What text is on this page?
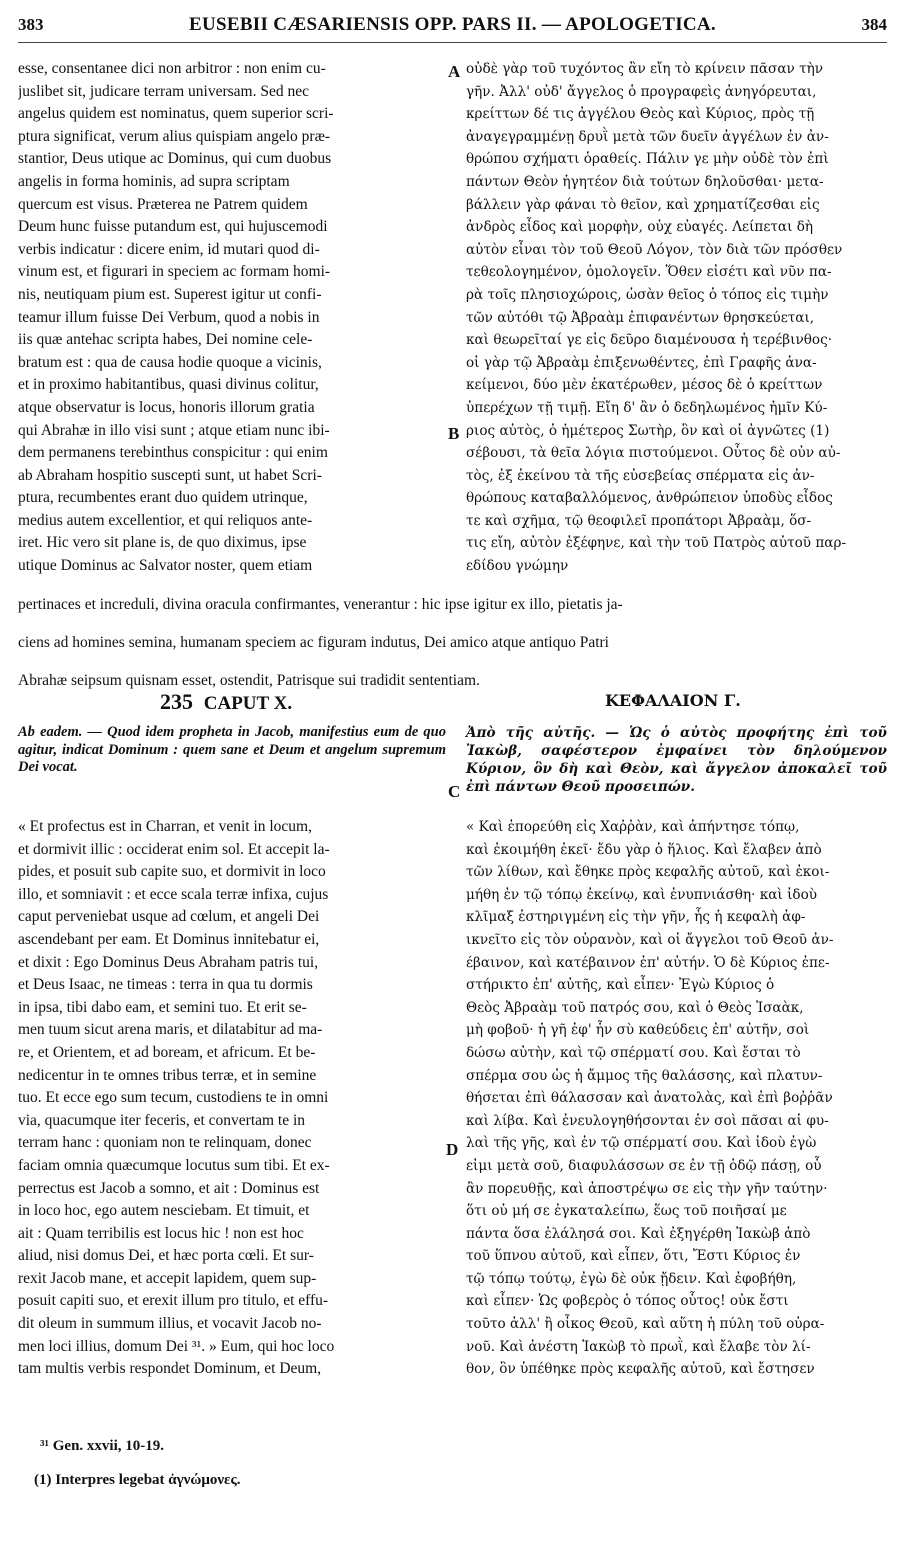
383	EUSEBII CÆSARIENSIS OPP. PARS II. — APOLOGETICA.	384

esse, consentanee dici non arbitror : non enim cu-

juslibet sit, judicare terram universam. Sed nec

angelus quidem est nominatus, quem superior scri-

ptura significat, verum alius quispiam angelo præ-

stantior, Deus utique ac Dominus, qui cum duobus

angelis in forma hominis, ad supra scriptam

quercum est visus. Præterea ne Patrem quidem

Deum hunc fuisse putandum est, qui hujuscemodi

verbis indicatur : dicere enim, id mutari quod di-

vinum est, et figurari in speciem ac formam homi-

nis, neutiquam pium est. Superest igitur ut confi-

teamur illum fuisse Dei Verbum, quod a nobis in

iis quæ antehac scripta habes, Dei nomine cele-

bratum est : qua de causa hodie quoque a vicinis,

et in proximo habitantibus, quasi divinus colitur,

atque observatur is locus, honoris illorum gratia

qui Abrahæ in illo visi sunt ; atque etiam nunc ibi-

dem permanens terebinthus conspicitur : qui enim

ab Abraham hospitio suscepti sunt, ut habet Scri-

ptura, recumbentes erant duo quidem utrinque,

medius autem excellentior, et qui reliquos ante-

iret. Hic vero sit plane is, de quo diximus, ipse

utique Dominus ac Salvator noster, quem etiam

οὐδὲ γὰρ τοῦ τυχόντος ἂν εἴη τὸ κρίνειν πᾶσαν τὴν

γῆν. Ἀλλ' οὐδ' ἄγγελος ὁ προγραφεὶς ἀνηγόρευται,

κρείττων δέ τις ἀγγέλου Θεὸς καὶ Κύριος, πρὸς τῇ

ἀναγεγραμμένῃ δρυῒ μετὰ τῶν δυεῖν ἀγγέλων ἐν ἀν-

θρώπου σχήματι ὁραθείς. Πάλιν γε μὴν οὐδὲ τὸν ἐπὶ

πάντων Θεὸν ἡγητέον διὰ τούτων δηλοῦσθαι· μετα-

βάλλειν γὰρ φάναι τὸ θεῖον, καὶ χρηματίζεσθαι εἰς

ἀνδρὸς εἶδος καὶ μορφὴν, οὐχ εὐαγές. Λείπεται δὴ

αὐτὸν εἶναι τὸν τοῦ Θεοῦ Λόγον, τὸν διὰ τῶν πρόσθεν

τεθεολογημένον, ὁμολογεῖν. Ὅθεν εἰσέτι καὶ νῦν πα-

ρὰ τοῖς πλησιοχώροις, ὡσὰν θεῖος ὁ τόπος εἰς τιμὴν

τῶν αὐτόθι τῷ Ἀβραὰμ ἐπιφανέντων θρησκεύεται,

καὶ θεωρεῖταί γε εἰς δεῦρο διαμένουσα ἡ τερέβινθος·

οἱ γὰρ τῷ Ἀβραὰμ ἐπιξενωθέντες, ἐπὶ Γραφῆς ἀνα-

κείμενοι, δύο μὲν ἑκατέρωθεν, μέσος δὲ ὁ κρείττων

ὑπερέχων τῇ τιμῇ. Εἴη δ' ἂν ὁ δεδηλωμένος ἡμῖν Κύ-

ριος αὐτὸς, ὁ ἡμέτερος Σωτὴρ, ὃν καὶ οἱ ἀγνῶτες (1)

σέβουσι, τὰ θεῖα λόγια πιστούμενοι. Οὗτος δὲ οὐν αὐ-

τὸς, ἐξ ἐκείνου τὰ τῆς εὐσεβείας σπέρματα εἰς ἀν-

θρώπους καταβαλλόμενος, ἀνθρώπειον ὑποδὺς εἶδος

τε καὶ σχῆμα, τῷ θεοφιλεῖ προπάτορι Ἀβραὰμ, ὅσ-

τις εἴη, αὐτὸν ἐξέφηνε, καὶ τὴν τοῦ Πατρὸς αὐτοῦ παρ-

εδίδου γνώμην

A
B

pertinaces et increduli, divina oracula confirmantes, venerantur : hic ipse igitur ex illo, pietatis ja-

ciens ad homines semina, humanam speciem ac figuram indutus, Dei amico atque antiquo Patri

Abrahæ seipsum quisnam esset, ostendit, Patrisque sui tradidit sententiam.

235 CAPUT X.	ΚΕΦΑΛΑΙΟΝ Γ.
Ab eadem. — Quod idem propheta in Jacob, manifestius eum de quo agitur, indicat Dominum : quem sane et Deum et angelum supremum Dei vocat.
Ἀπὸ τῆς αὐτῆς. — Ὡς ὁ αὐτὸς προφήτης ἐπὶ τοῦ Ἰακὼβ, σαφέστερον ἐμφαίνει τὸν δηλούμενον Κύριον, ὃν δὴ καὶ Θεὸν, καὶ ἄγγελον ἀποκαλεῖ τοῦ ἐπὶ πάντων Θεοῦ προσειπών.
C

« Et profectus est in Charran, et venit in locum,

et dormivit illic : occiderat enim sol. Et accepit la-

pides, et posuit sub capite suo, et dormivit in loco

illo, et somniavit : et ecce scala terræ infixa, cujus

caput perveniebat usque ad cœlum, et angeli Dei

ascendebant per eam. Et Dominus innitebatur ei,

et dixit : Ego Dominus Deus Abraham patris tui,

et Deus Isaac, ne timeas : terra in qua tu dormis

in ipsa, tibi dabo eam, et semini tuo. Et erit se-

men tuum sicut arena maris, et dilatabitur ad ma-

re, et Orientem, et ad boream, et africum. Et be-

nedicentur in te omnes tribus terræ, et in semine

tuo. Et ecce ego sum tecum, custodiens te in omni

via, quacumque iter feceris, et convertam te in

terram hanc : quoniam non te relinquam, donec

faciam omnia quæcumque locutus sum tibi. Et ex-

perrectus est Jacob a somno, et ait : Dominus est

in loco hoc, ego autem nesciebam. Et timuit, et

ait : Quam terribilis est locus hic ! non est hoc

aliud, nisi domus Dei, et hæc porta cœli. Et sur-

rexit Jacob mane, et accepit lapidem, quem sup-

posuit capiti suo, et erexit illum pro titulo, et effu-

dit oleum in summum illius, et vocavit Jacob no-

men loci illius, domum Dei ³¹. » Eum, qui hoc loco

tam multis verbis respondet Dominum, et Deum,

« Καὶ ἐπορεύθη εἰς Χαῤῥὰν, καὶ ἀπήντησε τόπῳ,

καὶ ἐκοιμήθη ἐκεῖ· ἔδυ γὰρ ὁ ἥλιος. Καὶ ἔλαβεν ἀπὸ

τῶν λίθων, καὶ ἔθηκε πρὸς κεφαλῆς αὐτοῦ, καὶ ἐκοι-

μήθη ἐν τῷ τόπῳ ἐκείνῳ, καὶ ἐνυπνιάσθη· καὶ ἰδοὺ

κλῖμαξ ἐστηριγμένη εἰς τὴν γῆν, ἧς ἡ κεφαλὴ ἀφ-

ικνεῖτο εἰς τὸν οὐρανὸν, καὶ οἱ ἄγγελοι τοῦ Θεοῦ ἀν-

έβαινον, καὶ κατέβαινον ἐπ' αὐτήν. Ὁ δὲ Κύριος ἐπε-

στήρικτο ἐπ' αὐτῆς, καὶ εἶπεν· Ἐγὼ Κύριος ὁ

Θεὸς Ἀβραὰμ τοῦ πατρός σου, καὶ ὁ Θεὸς Ἰσαὰκ,

μὴ φοβοῦ· ἡ γῆ ἐφ' ἧν σὺ καθεύδεις ἐπ' αὐτῆν, σοὶ

δώσω αὐτὴν, καὶ τῷ σπέρματί σου. Καὶ ἔσται τὸ

σπέρμα σου ὡς ἡ ἄμμος τῆς θαλάσσης, καὶ πλατυν-

θήσεται ἐπὶ θάλασσαν καὶ ἀνατολὰς, καὶ ἐπὶ βοῤῥᾶν

καὶ λίβα. Καὶ ἐνευλογηθήσονται ἐν σοὶ πᾶσαι αἱ φυ-

λαὶ τῆς γῆς, καὶ ἐν τῷ σπέρματί σου. Καὶ ἰδοὺ ἐγὼ

εἰμι μετὰ σοῦ, διαφυλάσσων σε ἐν τῇ ὁδῷ πάσῃ, οὗ

ἂν πορευθῇς, καὶ ἀποστρέψω σε εἰς τὴν γῆν ταύτην·

ὅτι οὐ μή σε ἐγκαταλείπω, ἕως τοῦ ποιῆσαί με

πάντα ὅσα ἐλάλησά σοι. Καὶ ἐξηγέρθη Ἰακὼβ ἀπὸ

τοῦ ὕπνου αὐτοῦ, καὶ εἶπεν, ὅτι, Ἔστι Κύριος ἐν

τῷ τόπῳ τούτῳ, ἐγὼ δὲ οὐκ ᾔδειν. Καὶ ἐφοβήθη,

καὶ εἶπεν· Ὡς φοβερὸς ὁ τόπος οὗτος! οὐκ ἔστι

τοῦτο ἀλλ' ἢ οἶκος Θεοῦ, καὶ αὕτη ἡ πύλη τοῦ οὐρα-

νοῦ. Καὶ ἀνέστη Ἰακὼβ τὸ πρωῒ, καὶ ἔλαβε τὸν λί-

θον, ὃν ὑπέθηκε πρὸς κεφαλῆς αὐτοῦ, καὶ ἔστησεν

D
³¹ Gen. xxvii, 10-19.
(1) Interpres legebat ἀγνώμονες.
